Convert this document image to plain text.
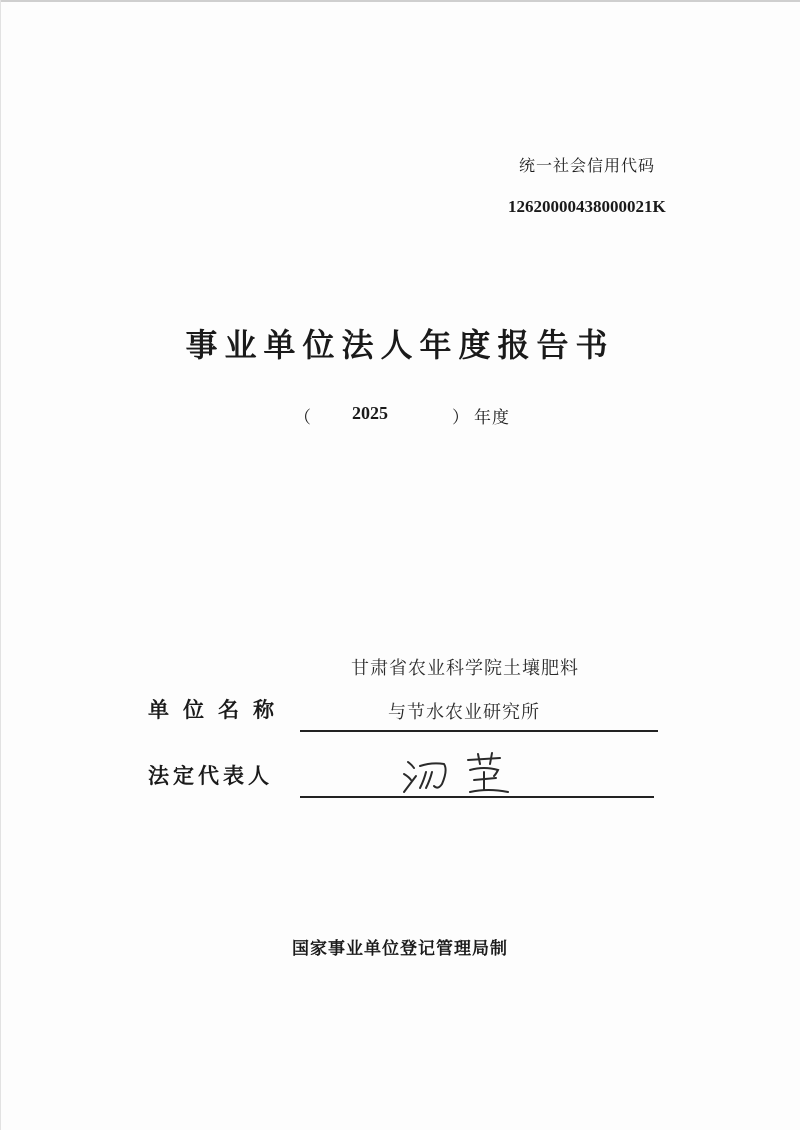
统一社会信用代码
12620000438000021K
事业单位法人年度报告书
（ 2025	） 年度
甘肃省农业科学院土壤肥料
单位名称	与节水农业研究所
法定代表人
国家事业单位登记管理局制
